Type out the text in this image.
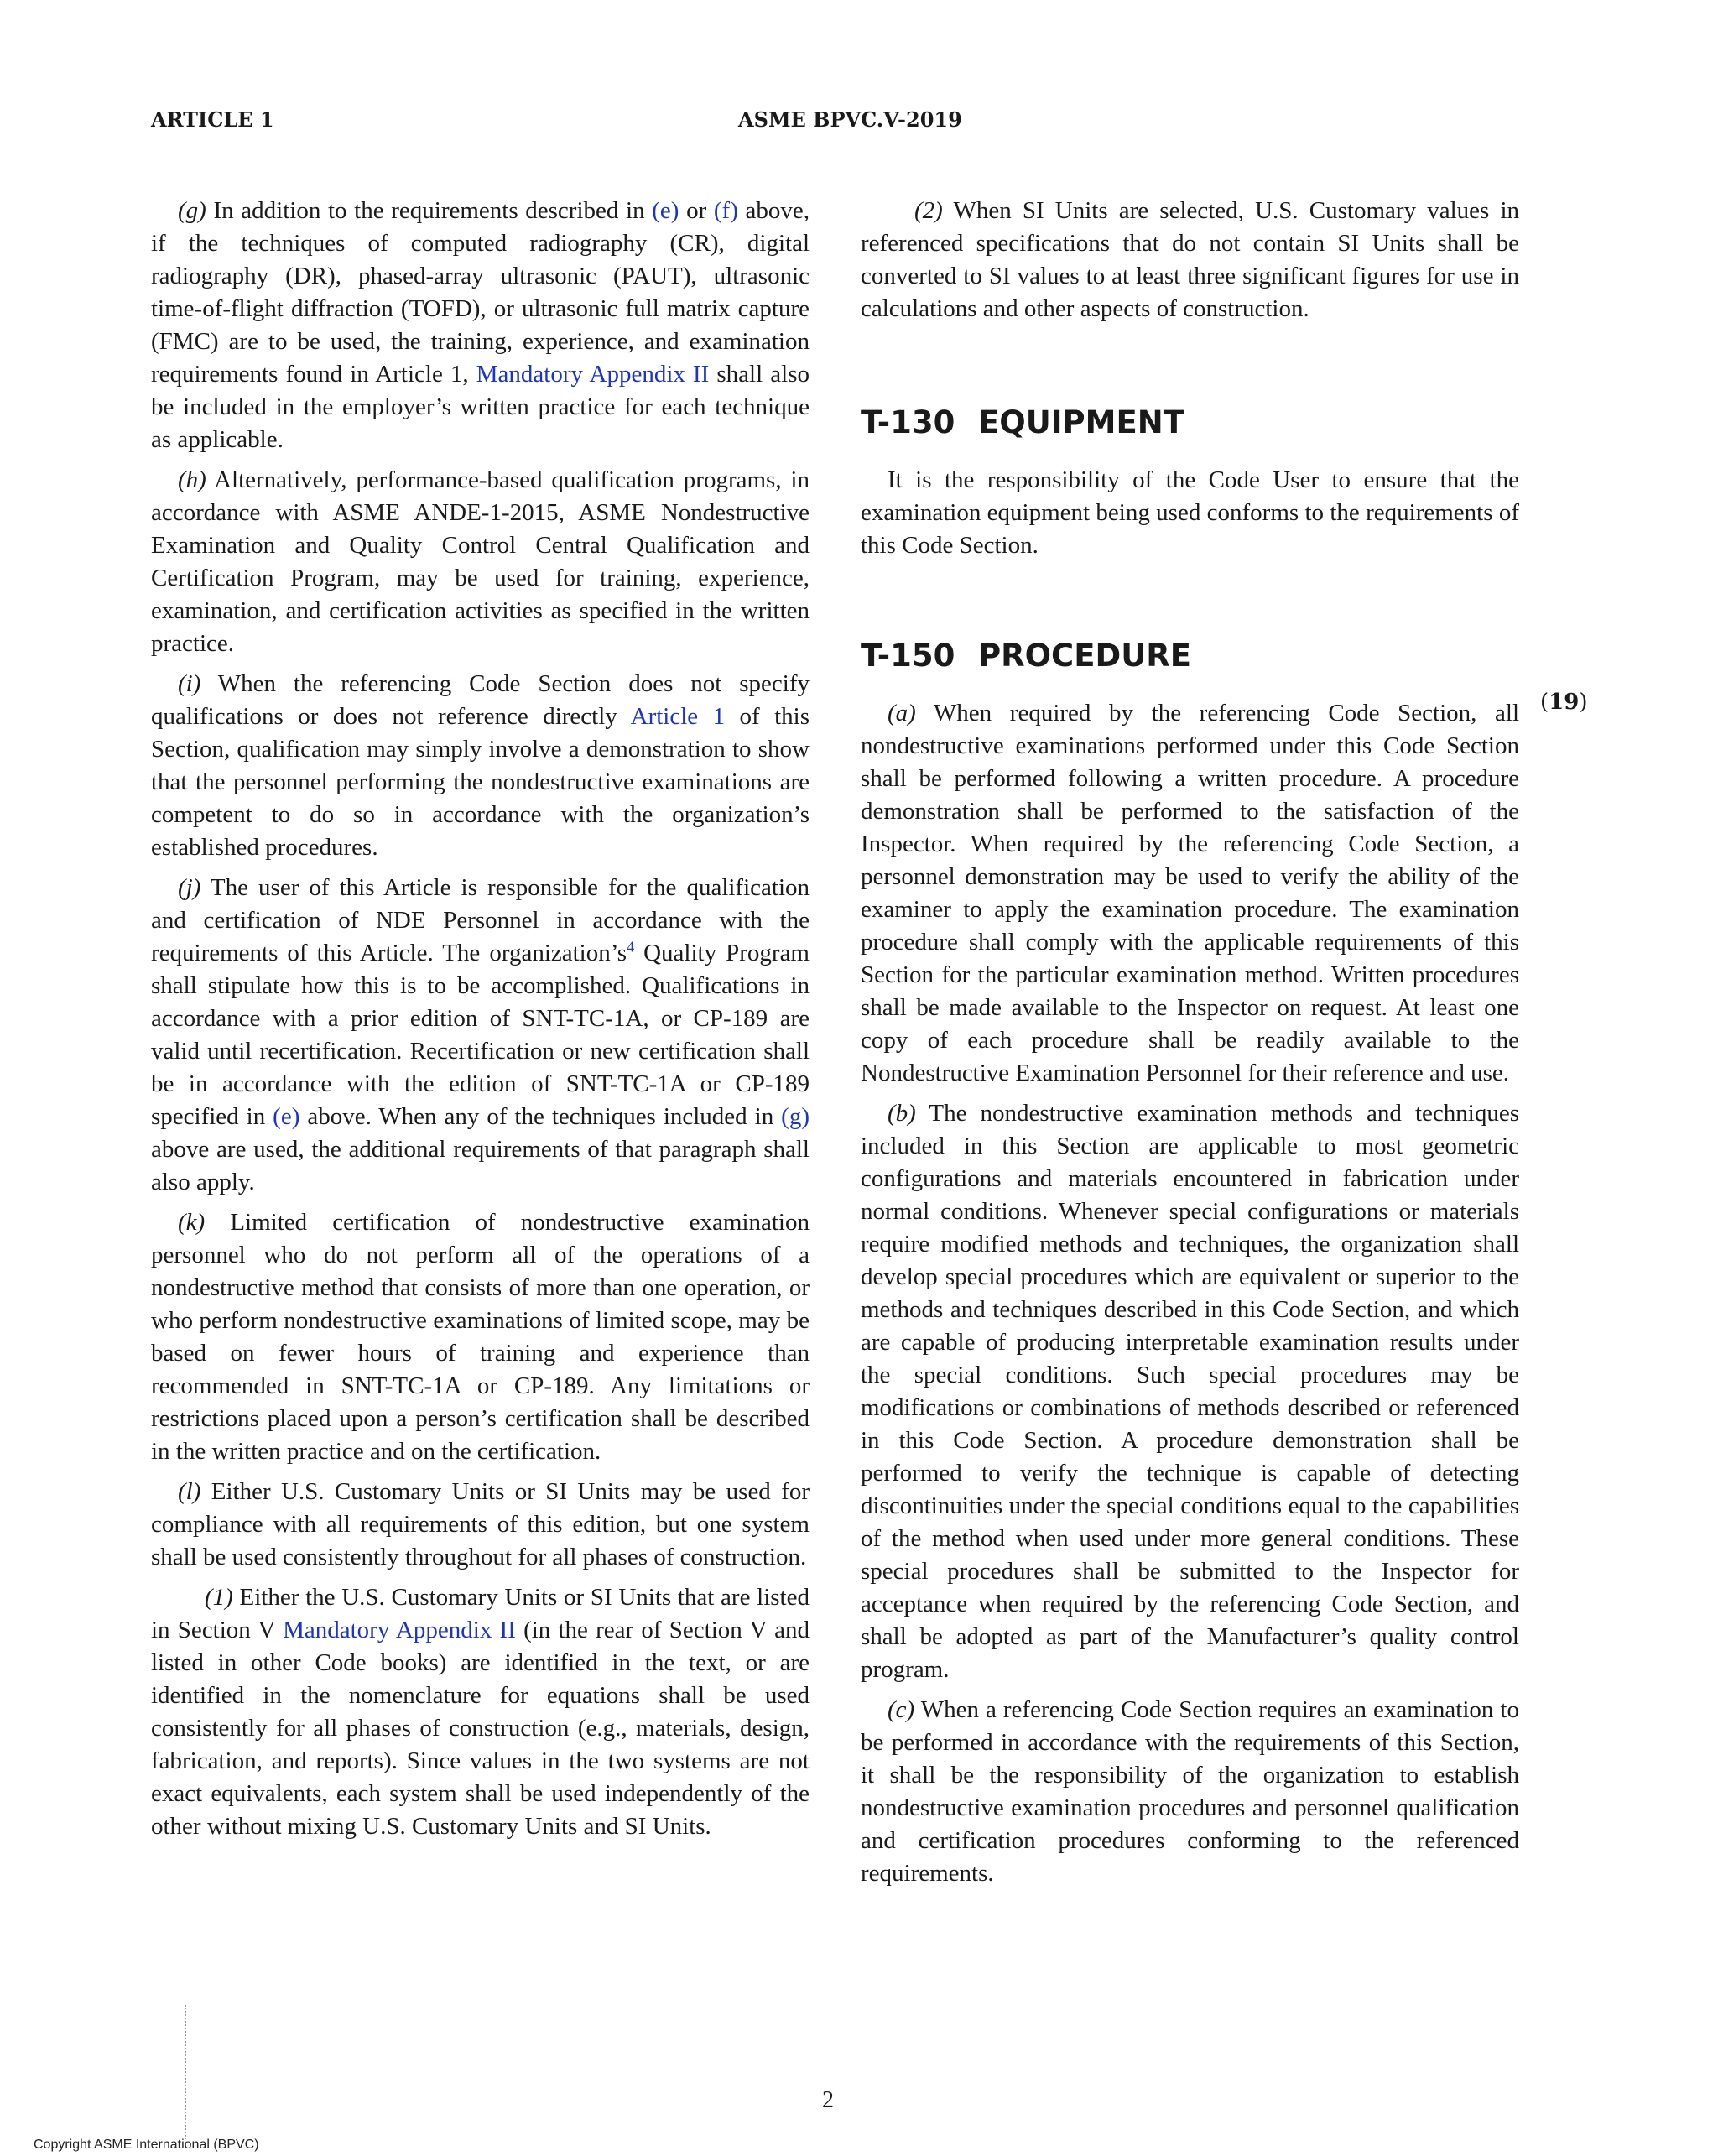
ARTICLE 1	ASME BPVC.V-2019

(g) In addition to the requirements described in (e) or (f) above, if the techniques of computed radiography (CR), digital radiography (DR), phased-array ultrasonic (PAUT), ultrasonic time-of-flight diffraction (TOFD), or ultrasonic full matrix capture (FMC) are to be used, the training, experience, and examination requirements found in Article 1, Mandatory Appendix II shall also be included in the employer’s written practice for each technique as applicable.

(h) Alternatively, performance-based qualification programs, in accordance with ASME ANDE-1-2015, ASME Nondestructive Examination and Quality Control Central Qualification and Certification Program, may be used for training, experience, examination, and certification activities as specified in the written practice.

(i) When the referencing Code Section does not specify qualifications or does not reference directly Article 1 of this Section, qualification may simply involve a demonstration to show that the personnel performing the nondestructive examinations are competent to do so in accordance with the organization’s established procedures.

(j) The user of this Article is responsible for the qualification and certification of NDE Personnel in accordance with the requirements of this Article. The organization’s$^4$ Quality Program shall stipulate how this is to be accomplished. Qualifications in accordance with a prior edition of SNT-TC-1A, or CP-189 are valid until recertification. Recertification or new certification shall be in accordance with the edition of SNT-TC-1A or CP-189 specified in (e) above. When any of the techniques included in (g) above are used, the additional requirements of that paragraph shall also apply.

(k) Limited certification of nondestructive examination personnel who do not perform all of the operations of a nondestructive method that consists of more than one operation, or who perform nondestructive examinations of limited scope, may be based on fewer hours of training and experience than recommended in SNT-TC-1A or CP-189. Any limitations or restrictions placed upon a person’s certification shall be described in the written practice and on the certification.

(l) Either U.S. Customary Units or SI Units may be used for compliance with all requirements of this edition, but one system shall be used consistently throughout for all phases of construction.

(1) Either the U.S. Customary Units or SI Units that are listed in Section V Mandatory Appendix II (in the rear of Section V and listed in other Code books) are identified in the text, or are identified in the nomenclature for equations shall be used consistently for all phases of construction (e.g., materials, design, fabrication, and reports). Since values in the two systems are not exact equivalents, each system shall be used independently of the other without mixing U.S. Customary Units and SI Units.

(2) When SI Units are selected, U.S. Customary values in referenced specifications that do not contain SI Units shall be converted to SI values to at least three significant figures for use in calculations and other aspects of construction.

T-130 EQUIPMENT

It is the responsibility of the Code User to ensure that the examination equipment being used conforms to the requirements of this Code Section.

T-150 PROCEDURE

(a) When required by the referencing Code Section, all nondestructive examinations performed under this Code Section shall be performed following a written procedure. A procedure demonstration shall be performed to the satisfaction of the Inspector. When required by the referencing Code Section, a personnel demonstration may be used to verify the ability of the examiner to apply the examination procedure. The examination procedure shall comply with the applicable requirements of this Section for the particular examination method. Written procedures shall be made available to the Inspector on request. At least one copy of each procedure shall be readily available to the Nondestructive Examination Personnel for their reference and use.

(b) The nondestructive examination methods and techniques included in this Section are applicable to most geometric configurations and materials encountered in fabrication under normal conditions. Whenever special configurations or materials require modified methods and techniques, the organization shall develop special procedures which are equivalent or superior to the methods and techniques described in this Code Section, and which are capable of producing interpretable examination results under the special conditions. Such special procedures may be modifications or combinations of methods described or referenced in this Code Section. A procedure demonstration shall be performed to verify the technique is capable of detecting discontinuities under the special conditions equal to the capabilities of the method when used under more general conditions. These special procedures shall be submitted to the Inspector for acceptance when required by the referencing Code Section, and shall be adopted as part of the Manufacturer’s quality control program.

(c) When a referencing Code Section requires an examination to be performed in accordance with the requirements of this Section, it shall be the responsibility of the organization to establish nondestructive examination procedures and personnel qualification and certification procedures conforming to the referenced requirements.

(19)
2
Copyright ASME International (BPVC)
